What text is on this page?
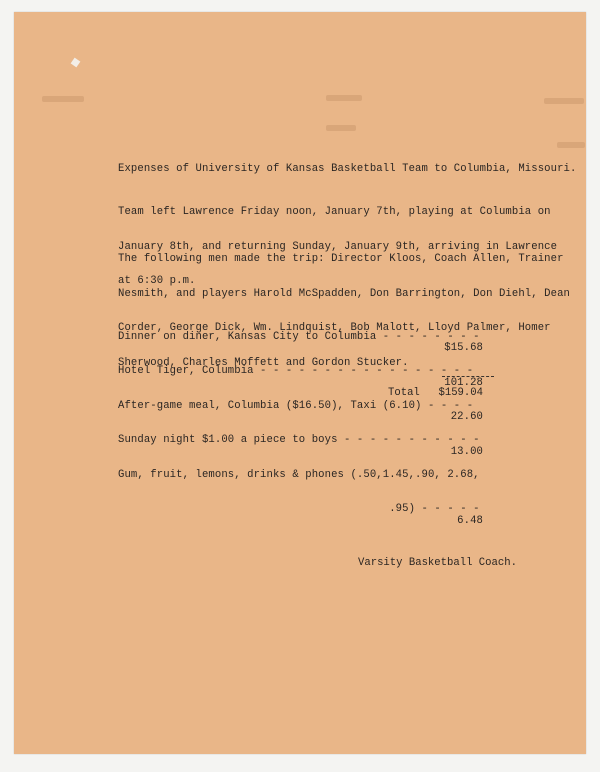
Expenses of University of Kansas Basketball Team to Columbia, Missouri.

Team left Lawrence Friday noon, January 7th, playing at Columbia on

January 8th, and returning Sunday, January 9th, arriving in Lawrence

at 6:30 p.m.

The following men made the trip: Director Kloos, Coach Allen, Trainer

Nesmith, and players Harold McSpadden, Don Barrington, Don Diehl, Dean

Corder, George Dick, Wm. Lindquist, Bob Malott, Lloyd Palmer, Homer

Sherwood, Charles Moffett and Gordon Stucker.

Dinner on diner, Kansas City to Columbia - - - - - - - -

$15.68

Hotel Tiger, Columbia - - - - - - - - - - - - - - - - -

101.28

After-game meal, Columbia ($16.50), Taxi (6.10) - - - -

22.60

Sunday night $1.00 a piece to boys - - - - - - - - - - -

13.00

Gum, fruit, lemons, drinks & phones (.50,1.45,.90, 2.68,

.95) - - - - -

6.48

Total $159.04
Varsity Basketball Coach.
